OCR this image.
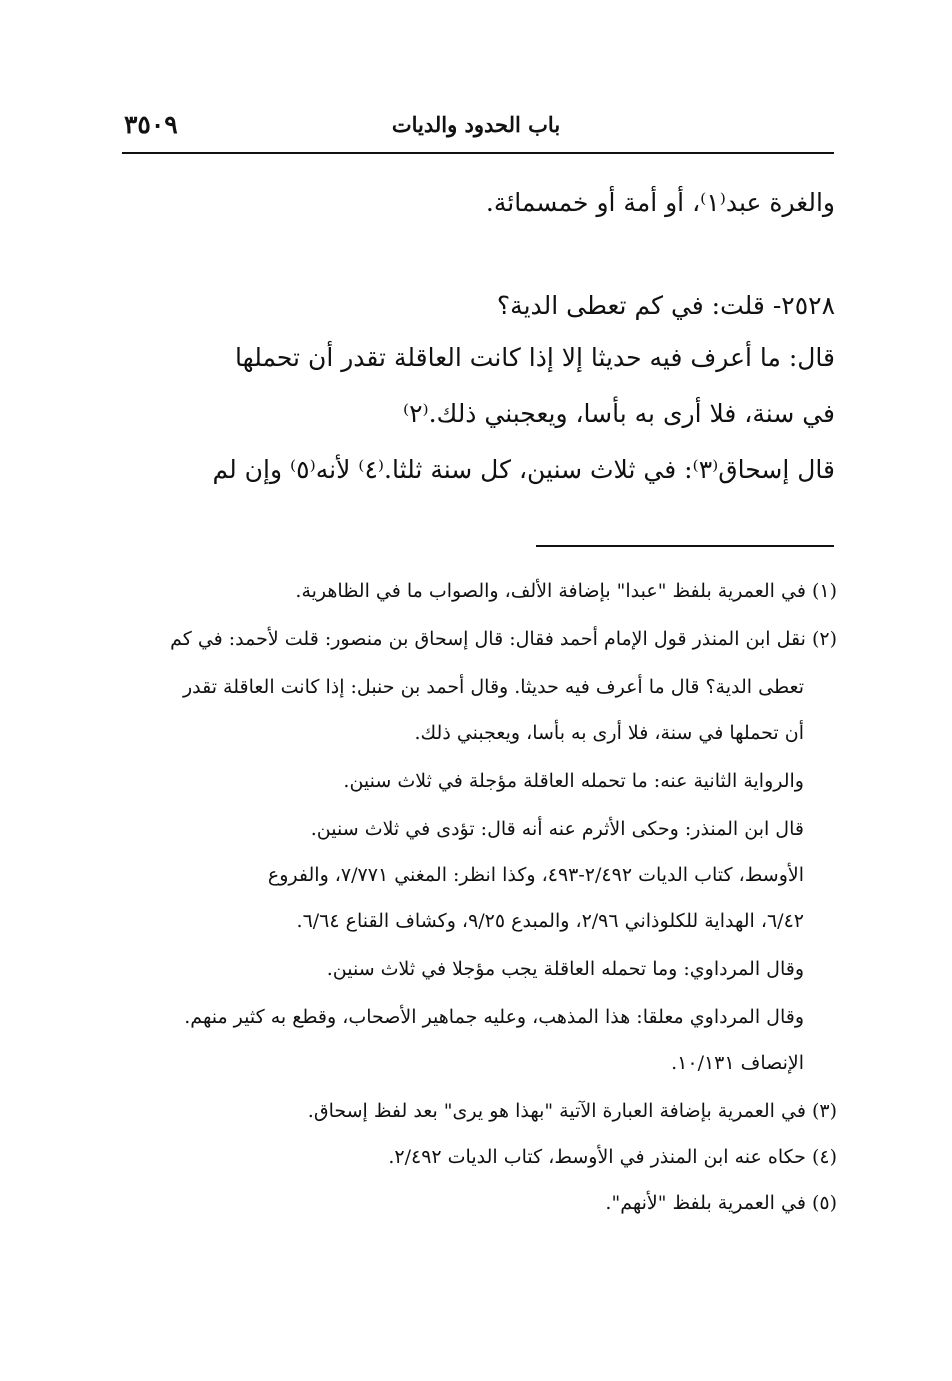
باب الحدود والديات
٣٥٠٩
والغرة عبد⁽١⁾، أو أمة أو خمسمائة.
٢٥٢٨- قلت: في كم تعطى الدية؟
قال: ما أعرف فيه حديثا إلا إذا كانت العاقلة تقدر أن تحملها
في سنة، فلا أرى به بأسا، ويعجبني ذلك.⁽٢⁾
قال إسحاق⁽٣⁾: في ثلاث سنين، كل سنة ثلثا.⁽٤⁾ لأنه⁽٥⁾ وإن لم
(١) في العمرية بلفظ "عبدا" بإضافة الألف، والصواب ما في الظاهرية.
(٢) نقل ابن المنذر قول الإمام أحمد فقال: قال إسحاق بن منصور: قلت لأحمد: في كم
تعطى الدية؟ قال ما أعرف فيه حديثا. وقال أحمد بن حنبل: إذا كانت العاقلة تقدر
أن تحملها في سنة، فلا أرى به بأسا، ويعجبني ذلك.
والرواية الثانية عنه: ما تحمله العاقلة مؤجلة في ثلاث سنين.
قال ابن المنذر: وحكى الأثرم عنه أنه قال: تؤدى في ثلاث سنين.
الأوسط، كتاب الديات ٢/٤٩٢-٤٩٣، وكذا انظر: المغني ٧/٧٧١، والفروع
٦/٤٢، الهداية للكلوذاني ٢/٩٦، والمبدع ٩/٢٥، وكشاف القناع ٦/٦٤.
وقال المرداوي: وما تحمله العاقلة يجب مؤجلا في ثلاث سنين.
وقال المرداوي معلقا: هذا المذهب، وعليه جماهير الأصحاب، وقطع به كثير منهم.
الإنصاف ١٠/١٣١.
(٣) في العمرية بإضافة العبارة الآتية "بهذا هو يرى" بعد لفظ إسحاق.
(٤) حكاه عنه ابن المنذر في الأوسط، كتاب الديات ٢/٤٩٢.
(٥) في العمرية بلفظ "لأنهم".
